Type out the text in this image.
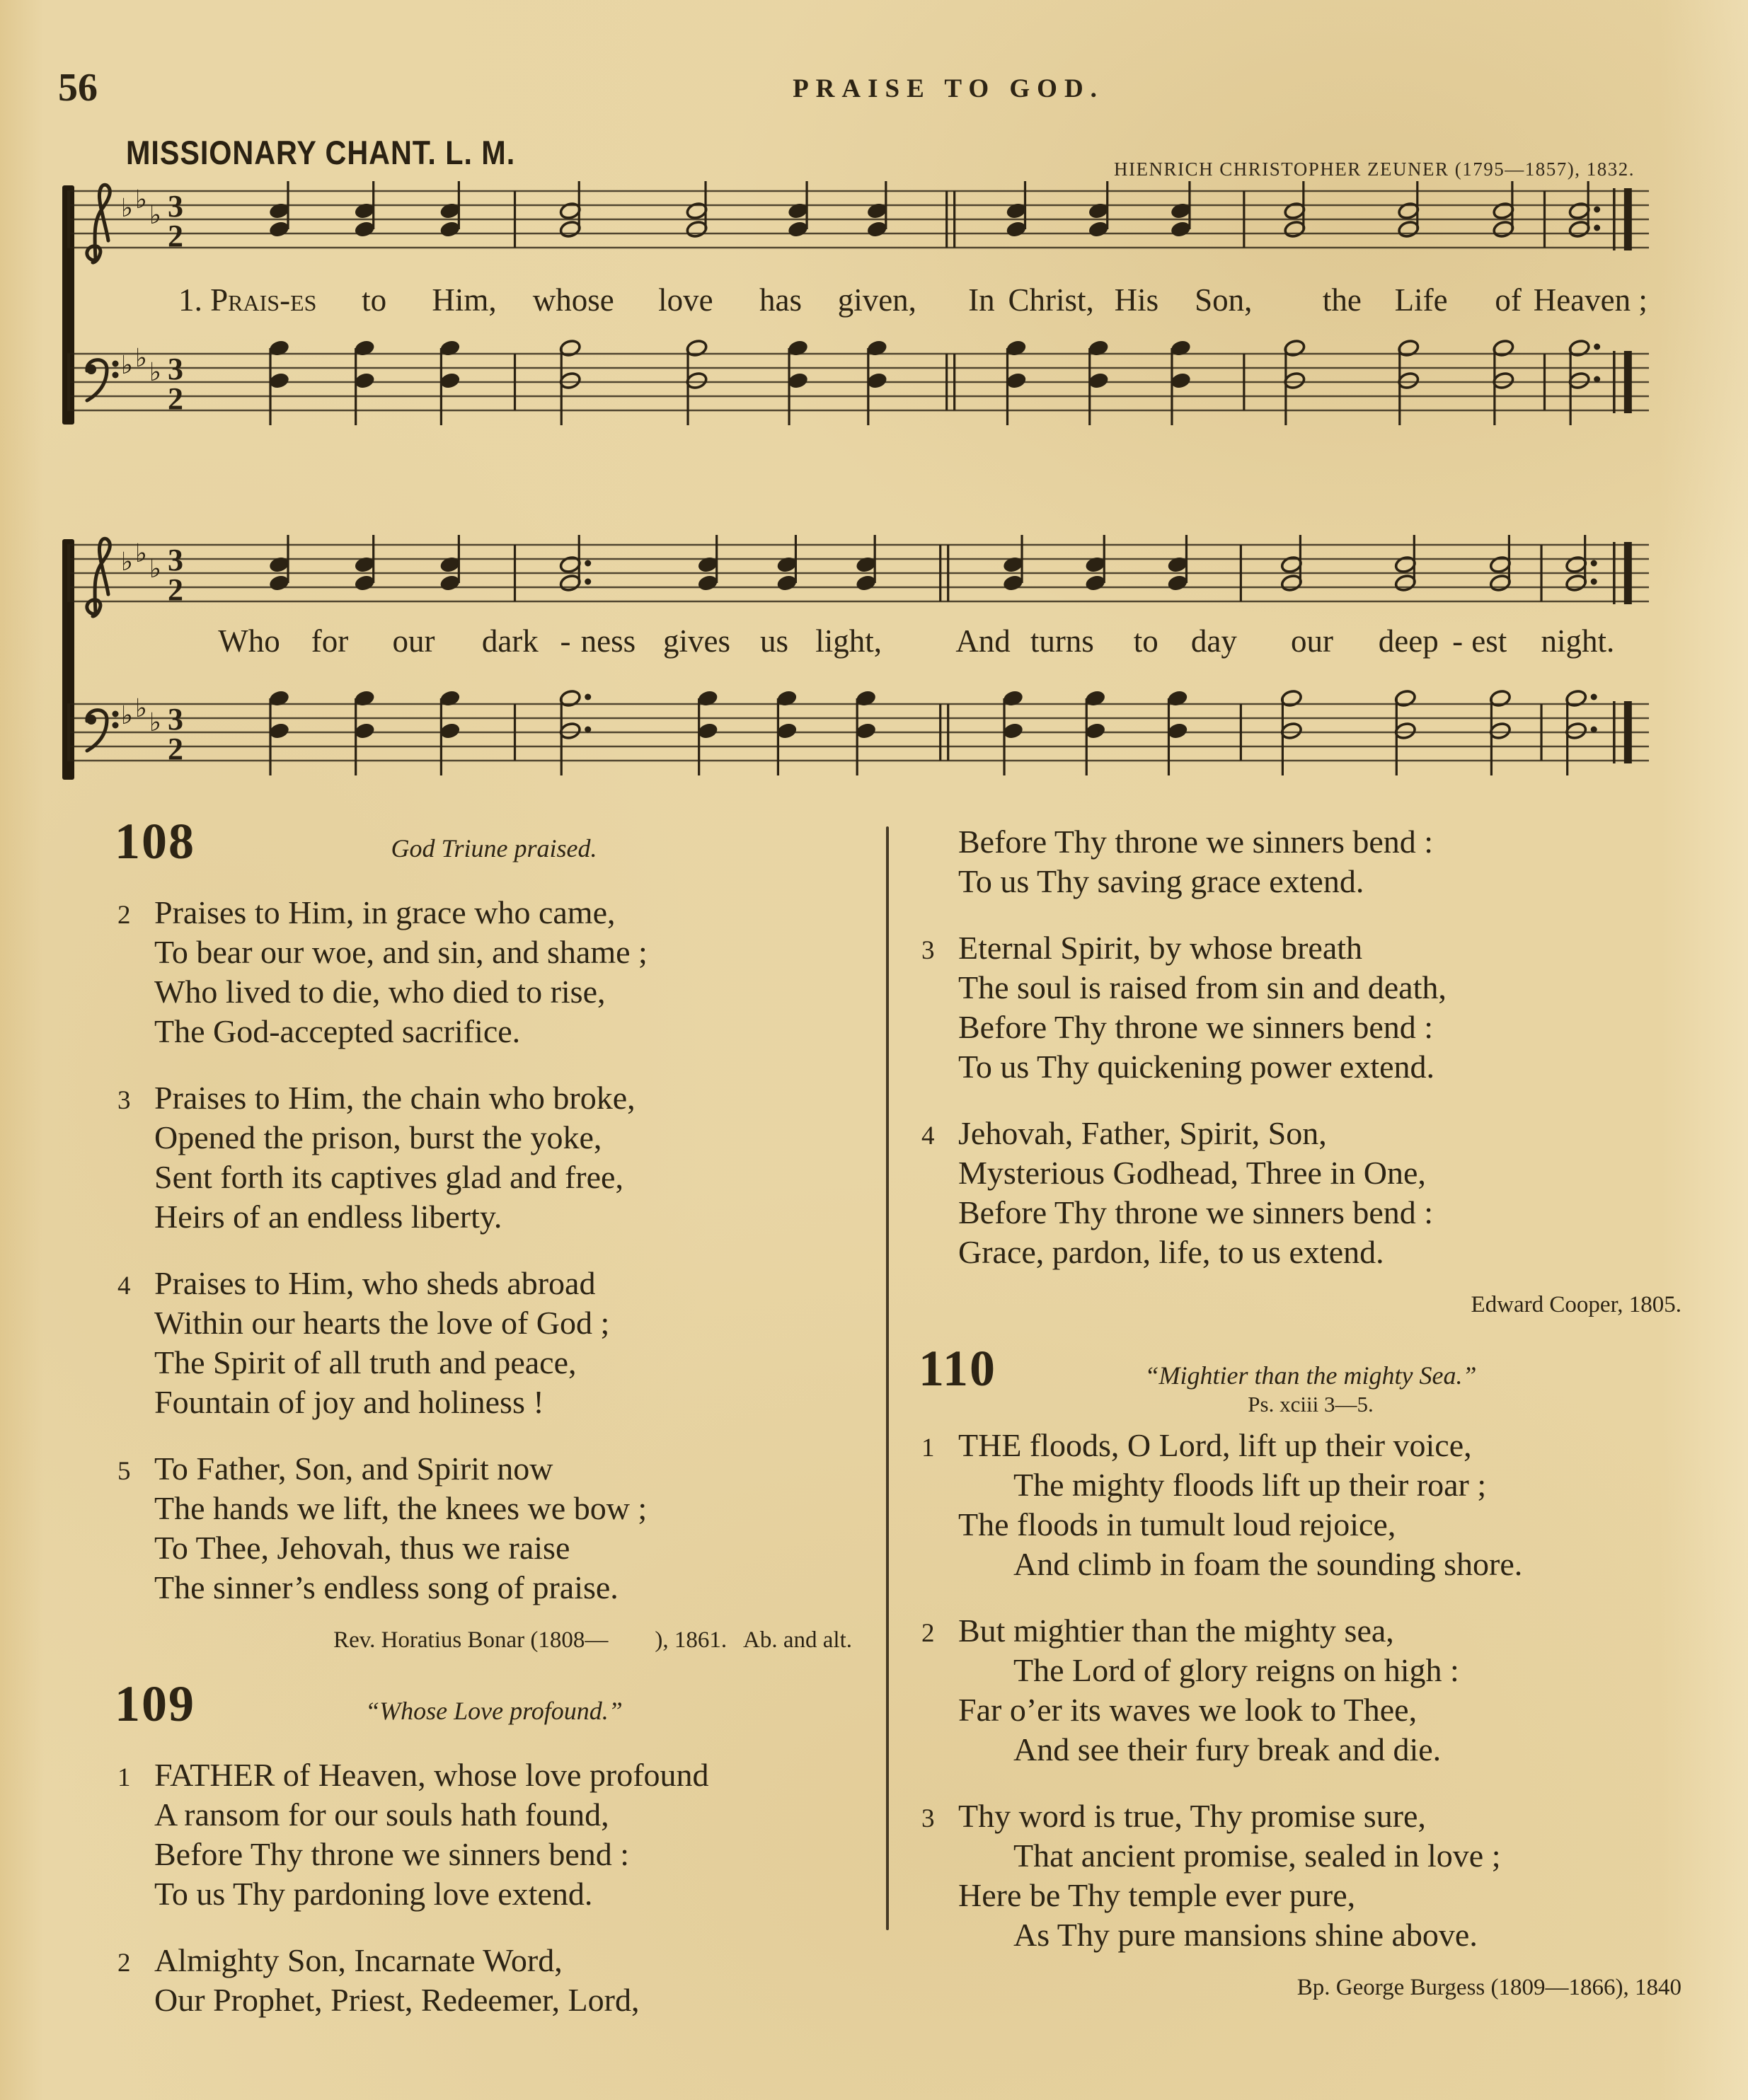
56	PRAISE TO GOD.
MISSIONARY CHANT. L. M.	HIENRICH CHRISTOPHER ZEUNER (1795—1857), 1832.
♭ ♭
♭ 3
2
1. Prais-es to Him, whose love has given, In Christ, His Son, the Life of Heaven ;
♭ ♭ ♭ 3
2
♭ ♭
♭ 3
2
Who for our dark - ness gives us light, And turns to day our deep - est night.
♭ ♭ ♭ 3
2
108	God Triune praised.
2 Praises to Him, in grace who came,
To bear our woe, and sin, and shame ;
Who lived to die, who died to rise,
The God-accepted sacrifice.
3 Praises to Him, the chain who broke,
Opened the prison, burst the yoke,
Sent forth its captives glad and free,
Heirs of an endless liberty.
4 Praises to Him, who sheds abroad
Within our hearts the love of God ;
The Spirit of all truth and peace,
Fountain of joy and holiness !
5 To Father, Son, and Spirit now
The hands we lift, the knees we bow ;
To Thee, Jehovah, thus we raise
The sinner’s endless song of praise.
Rev. Horatius Bonar (1808—        ), 1861.   Ab. and alt.
109	“Whose Love profound.”
1 FATHER of Heaven, whose love profound
A ransom for our souls hath found,
Before Thy throne we sinners bend :
To us Thy pardoning love extend.
2 Almighty Son, Incarnate Word,
Our Prophet, Priest, Redeemer, Lord,
Before Thy throne we sinners bend :
To us Thy saving grace extend.
3 Eternal Spirit, by whose breath
The soul is raised from sin and death,
Before Thy throne we sinners bend :
To us Thy quickening power extend.
4 Jehovah, Father, Spirit, Son,
Mysterious Godhead, Three in One,
Before Thy throne we sinners bend :
Grace, pardon, life, to us extend.
Edward Cooper, 1805.
110	“Mightier than the mighty Sea.”
Ps. xciii 3—5.
1 THE floods, O Lord, lift up their voice,
The mighty floods lift up their roar ;
The floods in tumult loud rejoice,
And climb in foam the sounding shore.
2 But mightier than the mighty sea,
The Lord of glory reigns on high :
Far o’er its waves we look to Thee,
And see their fury break and die.
3 Thy word is true, Thy promise sure,
That ancient promise, sealed in love ;
Here be Thy temple ever pure,
As Thy pure mansions shine above.
Bp. George Burgess (1809—1866), 1840
